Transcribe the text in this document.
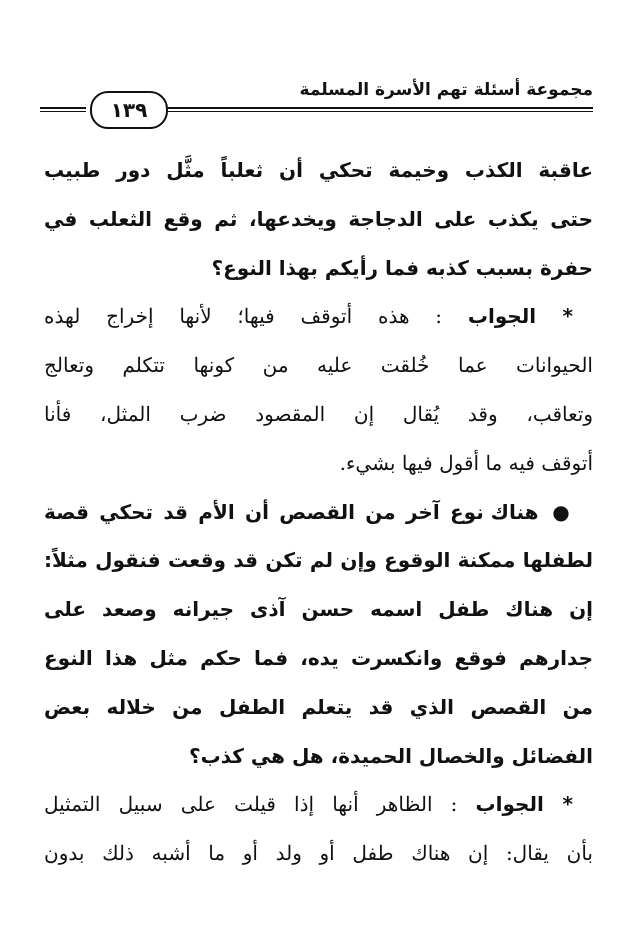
مجموعة أسئلة تهم الأسرة المسلمة
١٣٩
عاقبة الكذب وخيمة تحكي أن ثعلباً مثَّل دور طبيب
حتى يكذب على الدجاجة ويخدعها، ثم وقع الثعلب في
حفرة بسبب كذبه فما رأيكم بهذا النوع؟
 * الجواب : هذه أتوقف فيها؛ لأنها إخراج لهذه
الحيوانات عما خُلقت عليه من كونها تتكلم وتعالج
وتعاقب، وقد يُقال إن المقصود ضرب المثل، فأنا
أتوقف فيه ما أقول فيها بشيء.
 ● هناك نوع آخر من القصص أن الأم قد تحكي قصة
لطفلها ممكنة الوقوع وإن لم تكن قد وقعت فنقول مثلاً:
إن هناك طفل اسمه حسن آذى جيرانه وصعد على
جدارهم فوقع وانكسرت يده، فما حكم مثل هذا النوع
من القصص الذي قد يتعلم الطفل من خلاله بعض
الفضائل والخصال الحميدة، هل هي كذب؟
 * الجواب : الظاهر أنها إذا قيلت على سبيل التمثيل
بأن يقال: إن هناك طفل أو ولد أو ما أشبه ذلك بدون
